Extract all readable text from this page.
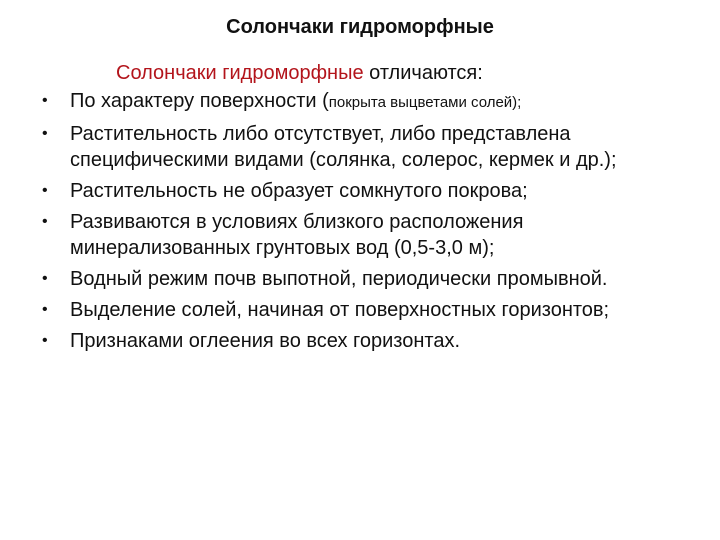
Солончаки гидроморфные
Солончаки гидроморфные отличаются:
• По характеру поверхности (покрыта выцветами солей);
• Растительность либо отсутствует, либо представлена специфическими видами (солянка, солерос, кермек и др.);
• Растительность не образует сомкнутого покрова;
• Развиваются в условиях близкого расположения минерализованных грунтовых вод (0,5-3,0 м);
• Водный режим почв выпотной, периодически промывной.
• Выделение солей, начиная от поверхностных горизонтов;
• Признаками оглеения во всех горизонтах.
